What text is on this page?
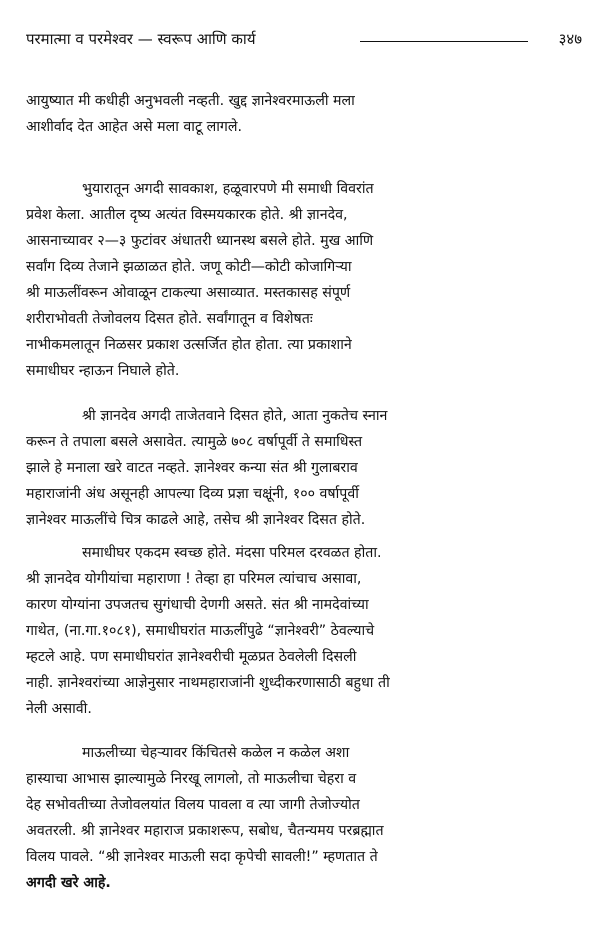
परमात्मा व परमेश्वर — स्वरूप आणि कार्य	३४७

आयुष्यात मी कधीही अनुभवली नव्हती. खुद्द ज्ञानेश्वरमाऊली मला
आशीर्वाद देत आहेत असे मला वाटू लागले.

भुयारातून अगदी सावकाश, हळूवारपणे मी समाधी विवरांत
प्रवेश केला. आतील दृष्य अत्यंत विस्मयकारक होते. श्री ज्ञानदेव,
आसनाच्यावर २—३ फुटांवर अंधातरी ध्यानस्थ बसले होते. मुख आणि
सर्वांग दिव्य तेजाने झळाळत होते. जणू कोटी—कोटी कोजागिऱ्या
श्री माऊलींवरून ओवाळून टाकल्या असाव्यात. मस्तकासह संपूर्ण
शरीराभोवती तेजोवलय दिसत होते. सर्वांगातून व विशेषतः
नाभीकमलातून निळसर प्रकाश उत्सर्जित होत होता. त्या प्रकाशाने
समाधीघर न्हाऊन निघाले होते.

श्री ज्ञानदेव अगदी ताजेतवाने दिसत होते, आता नुकतेच स्नान
करून ते तपाला बसले असावेत. त्यामुळे ७०८ वर्षापूर्वी ते समाधिस्त
झाले हे मनाला खरे वाटत नव्हते. ज्ञानेश्वर कन्या संत श्री गुलाबराव
महाराजांनी अंध असूनही आपल्या दिव्य प्रज्ञा चक्षूंनी, १०० वर्षापूर्वी
ज्ञानेश्वर माऊलींचे चित्र काढले आहे, तसेच श्री ज्ञानेश्वर दिसत होते.

समाधीघर एकदम स्वच्छ होते. मंदसा परिमल दरवळत होता.
श्री ज्ञानदेव योगीयांचा महाराणा ! तेव्हा हा परिमल त्यांचाच असावा,
कारण योग्यांना उपजतच सुगंधाची देणगी असते. संत श्री नामदेवांच्या
गाथेत, (ना.गा.१०८१), समाधीघरांत माऊलींपुढे “ज्ञानेश्वरी” ठेवल्याचे
म्हटले आहे. पण समाधीघरांत ज्ञानेश्वरीची मूळप्रत ठेवलेली दिसली
नाही. ज्ञानेश्वरांच्या आज्ञेनुसार नाथमहाराजांनी शुध्दीकरणासाठी बहुधा ती
नेली असावी.

माऊलीच्या चेहऱ्यावर किंचितसे कळेल न कळेल अशा
हास्याचा आभास झाल्यामुळे निरखू लागलो, तो माऊलीचा चेहरा व
देह सभोवतीच्या तेजोवलयांत विलय पावला व त्या जागी तेजोज्योत
अवतरली. श्री ज्ञानेश्वर महाराज प्रकाशरूप, सबोध, चैतन्यमय परब्रह्मात
विलय पावले. “श्री ज्ञानेश्वर माऊली सदा कृपेची सावली!” म्हणतात ते
अगदी खरे आहे.
